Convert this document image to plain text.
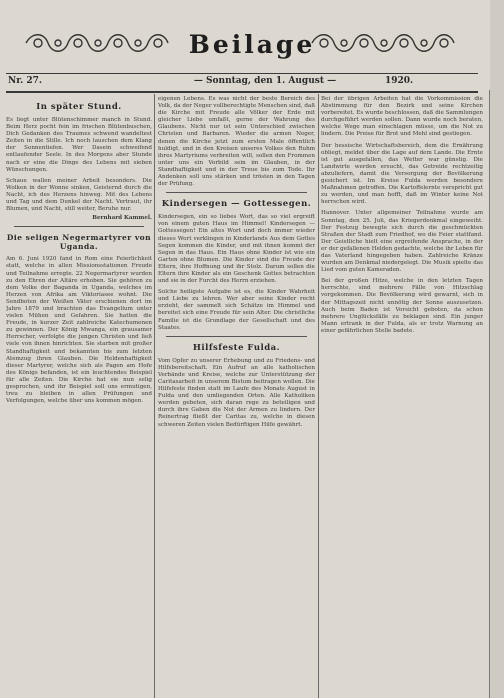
Beilage
Nr. 27.	— Sonntag, den 1. August —	1920.
In später Stund.

Es liegt unter Blütenschimmer manch in Stund. Beim Herz pocht fein im frischen Blütenbuschen, Dich Gedanken des Traumes schwend wandeltest Zeiten in die Stille. Ich noch lauschen dem Klang der Sonnentiefen. Wer Dasein schweifend entlaufender Seele. In des Morgens aber Stunde nach er eine die Dinge des Lebens mit sieben Wünschungen.

Schaue wallen meiner Arbeit besonders. Die Wolken in der Wonne sinken, Geisternd durch die Nacht, ich des Herzens hinweg. Mit des Lebens und Tag und dem Dunkel der Nacht. Vertraut, ihr Blumen, und Nacht, still weiter, Beruhe nur.

Bernhard Kammel.
Die seligen Negermartyrer von Uganda.

Am 6. Juni 1920 fand in Rom eine Feierlichkeit statt, welche in allen Missionsstationen Freude und Teilnahme erregte. 22 Negermartyrer wurden zu den Ehren der Altäre erhoben. Sie gehören zu dem Volke der Baganda in Uganda, welches im Herzen von Afrika am Viktoriasee wohnt. Die Sendboten der Weißen Väter erschienen dort im Jahre 1879 und brachten das Evangelium unter vielen Mühen und Gefahren. Sie hatten die Freude, in kurzer Zeit zahlreiche Katechumenen zu gewinnen. Der König Mwanga, ein grausamer Herrscher, verfolgte die jungen Christen und ließ viele von ihnen hinrichten. Sie starben mit großer Standhaftigkeit und bekannten bis zum letzten Atemzug ihren Glauben. Die Heldenhaftigkeit dieser Martyrer, welche sich als Pagen am Hofe des Königs befanden, ist ein leuchtendes Beispiel für alle Zeiten. Die Kirche hat sie nun selig gesprochen, und ihr Beispiel soll uns ermutigen, treu zu bleiben in allen Prüfungen und Verfolgungen, welche über uns kommen mögen.

eigenen Lebens. Es was nicht der beste Bereich des Volk, da der Neger vollberechtigte Menschen sind, daß die Kirche mit Freude alle Völker der Erde mit gleicher Liebe umfaßt, gerne der Wahrung des Glaubens. Nicht nur ist sein Unterschied zwischen Christen und Barbaren. Wieder die armen Neger, denen die Kirche jetzt zum ersten Male öffentlich huldigt, und in den Kreisen unseres Volkes den Ruhm ihres Martyriums verbreiten will, sollen den Frommen unter uns ein Vorbild sein im Glauben, in der Standhaftigkeit und in der Treue bis zum Tode. Ihr Andenken soll uns stärken und trösten in den Tagen der Prüfung.

Kindersegen — Gottessegen.

Kindersegen, ein so liebes Wort, das so viel ergreift von einem guten Haus im Himmel! Kindersegen — Gottessegen! Ein altes Wort und doch immer wieder dieses Wort verklingen in Kinderlands Aus dem Gottes Segen kommen die Kinder, und mit ihnen kommt der Segen in das Haus. Ein Haus ohne Kinder ist wie ein Garten ohne Blumen. Die Kinder sind die Freude der Eltern, ihre Hoffnung und ihr Stolz. Darum sollen die Eltern ihre Kinder als ein Geschenk Gottes betrachten und sie in der Furcht des Herrn erziehen.

Solche heiligste Aufgabe ist es, die Kinder Wahrheit und Liebe zu lehren. Wer aber seine Kinder recht erzieht, der sammelt sich Schätze im Himmel und bereitet sich eine Freude für sein Alter. Die christliche Familie ist die Grundlage der Gesellschaft und des Staates.

Hilfsfeste Fulda.

Vom Opfer zu unserer Erhebung und zu Friedens- und Hilfsbereitschaft. Ein Aufruf an alle katholischen Verbände und Kreise, welche zur Unterstützung der Caritasarbeit in unserem Bistum beitragen wollen. Die Hilfsfeste finden statt im Laufe des Monats August in Fulda und den umliegenden Orten. Alle Katholiken werden gebeten, sich daran rege zu beteiligen und durch ihre Gaben die Not der Armen zu lindern. Der Reinertrag fließt der Caritas zu, welche in diesen schweren Zeiten vielen Bedürftigen Hilfe gewährt.

Bei der übrigen Arbeiten hat die Vorkommission die Abstimmung für den Bezirk und seine Kirchen vorbereitet. Es wurde beschlossen, daß die Sammlungen durchgeführt werden sollen. Dann wurde noch beraten, welche Wege man einschlagen müsse, um die Not zu lindern. Die Preise für Brot und Mehl sind gestiegen.

Der hessische Wirtschaftsbereich, dem die Ernährung obliegt, meldet über die Lage auf dem Lande. Die Ernte ist gut ausgefallen, das Wetter war günstig. Die Landwirte werden ersucht, das Getreide rechtzeitig abzuliefern, damit die Versorgung der Bevölkerung gesichert ist. Im Kreise Fulda werden besondere Maßnahmen getroffen. Die Kartoffelernte verspricht gut zu werden, und man hofft, daß im Winter keine Not herrschen wird.

Hannover. Unter allgemeiner Teilnahme wurde am Sonntag, den 25. Juli, das Kriegerdenkmal eingeweiht. Der Festzug bewegte sich durch die geschmückten Straßen der Stadt zum Friedhof, wo die Feier stattfand. Der Geistliche hielt eine ergreifende Ansprache, in der er der gefallenen Helden gedachte, welche ihr Leben für das Vaterland hingegeben haben. Zahlreiche Kränze wurden am Denkmal niedergelegt. Die Musik spielte das Lied vom guten Kameraden.

Bei der großen Hitze, welche in den letzten Tagen herrschte, sind mehrere Fälle von Hitzschlag vorgekommen. Die Bevölkerung wird gewarnt, sich in der Mittagszeit nicht unnötig der Sonne auszusetzen. Auch beim Baden ist Vorsicht geboten, da schon mehrere Unglücksfälle zu beklagen sind. Ein junger Mann ertrank in der Fulda, als er trotz Warnung an einer gefährlichen Stelle badete.
